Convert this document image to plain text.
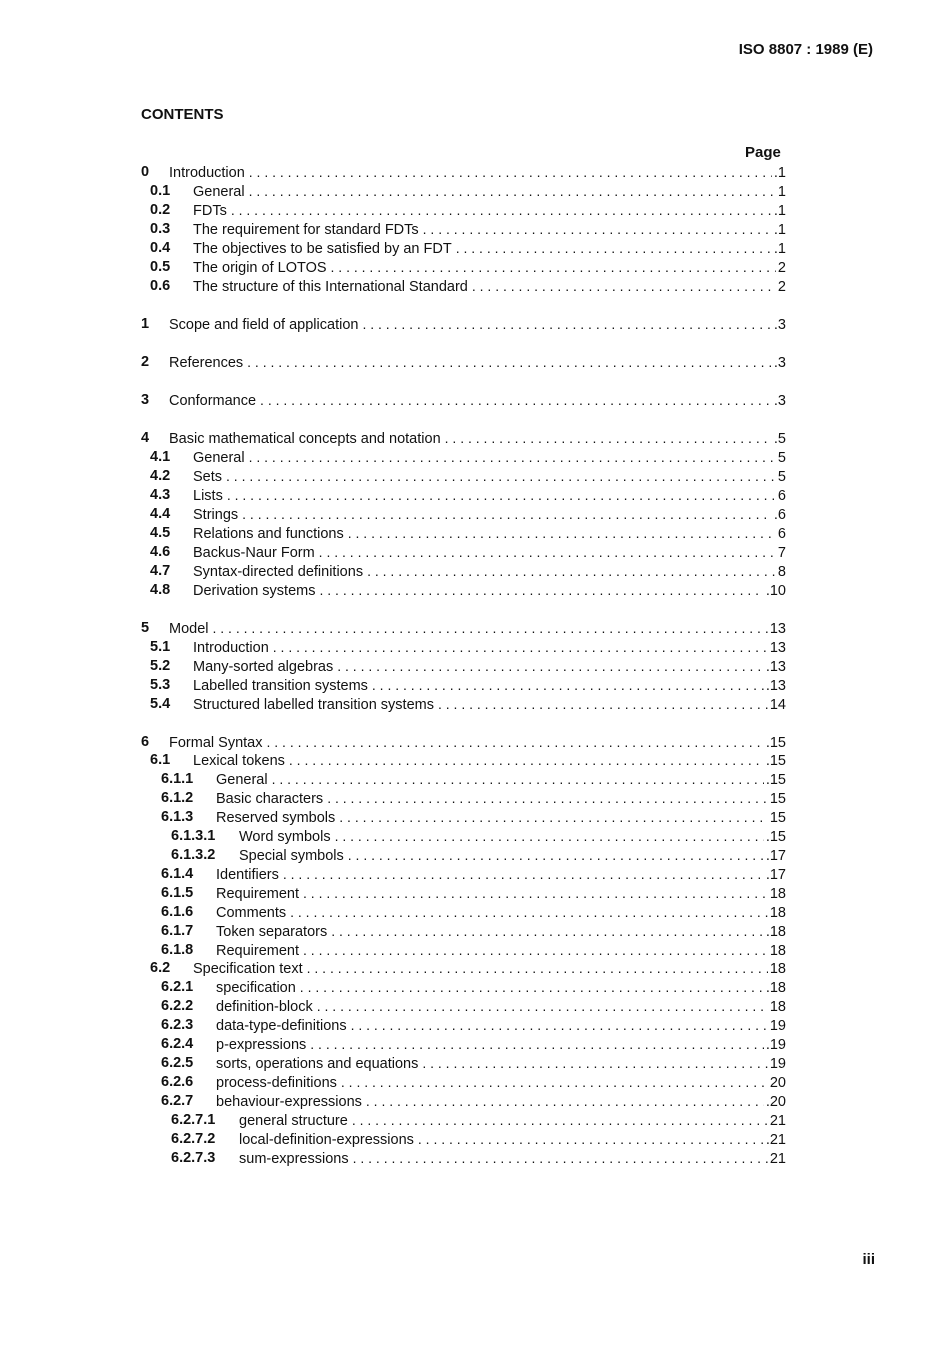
ISO 8807 : 1989 (E)
CONTENTS
Page
0 Introduction . . .	.1
0.1 General . . .	1
0.2 FDTs . . .	.1
0.3 The requirement for standard FDTs . . .	.1
0.4 The objectives to be satisfied by an FDT . . .	.1
0.5 The origin of LOTOS . . .	2
0.6 The structure of this International Standard . . .	2
1 Scope and field of application . . .	.3
2 References . . .	.3
3 Conformance . . .	.3
4 Basic mathematical concepts and notation . . .	.5
4.1 General . . .	5
4.2 Sets . . .	5
4.3 Lists . . .	6
4.4 Strings . . .	.6
4.5 Relations and functions . . .	6
4.6 Backus-Naur Form . . .	7
4.7 Syntax-directed definitions . . .	8
4.8 Derivation systems . . .	.10
5 Model . . .	13
5.1 Introduction . . .	13
5.2 Many-sorted algebras . . .	.13
5.3 Labelled transition systems . . .	.13
5.4 Structured labelled transition systems . . .	14
6 Formal Syntax . . .	.15
6.1 Lexical tokens . . .	.15
6.1.1 General . . .	.15
6.1.2 Basic characters . . .	15
6.1.3 Reserved symbols . . .	15
6.1.3.1 Word symbols . . .	.15
6.1.3.2 Special symbols . . .	.17
6.1.4 Identifiers . . .	.17
6.1.5 Requirement . . .	18
6.1.6 Comments . . .	18
6.1.7 Token separators . . .	.18
6.1.8 Requirement . . .	18
6.2 Specification text . . .	18
6.2.1 specification . . .	.18
6.2.2 definition-block . . .	18
6.2.3 data-type-definitions . . .	19
6.2.4 p-expressions . . .	.19
6.2.5 sorts, operations and equations . . .	19
6.2.6 process-definitions . . .	20
6.2.7 behaviour-expressions . . .	.20
6.2.7.1 general structure . . .	21
6.2.7.2 local-definition-expressions . . .	.21
6.2.7.3 sum-expressions . . .	21
iii
